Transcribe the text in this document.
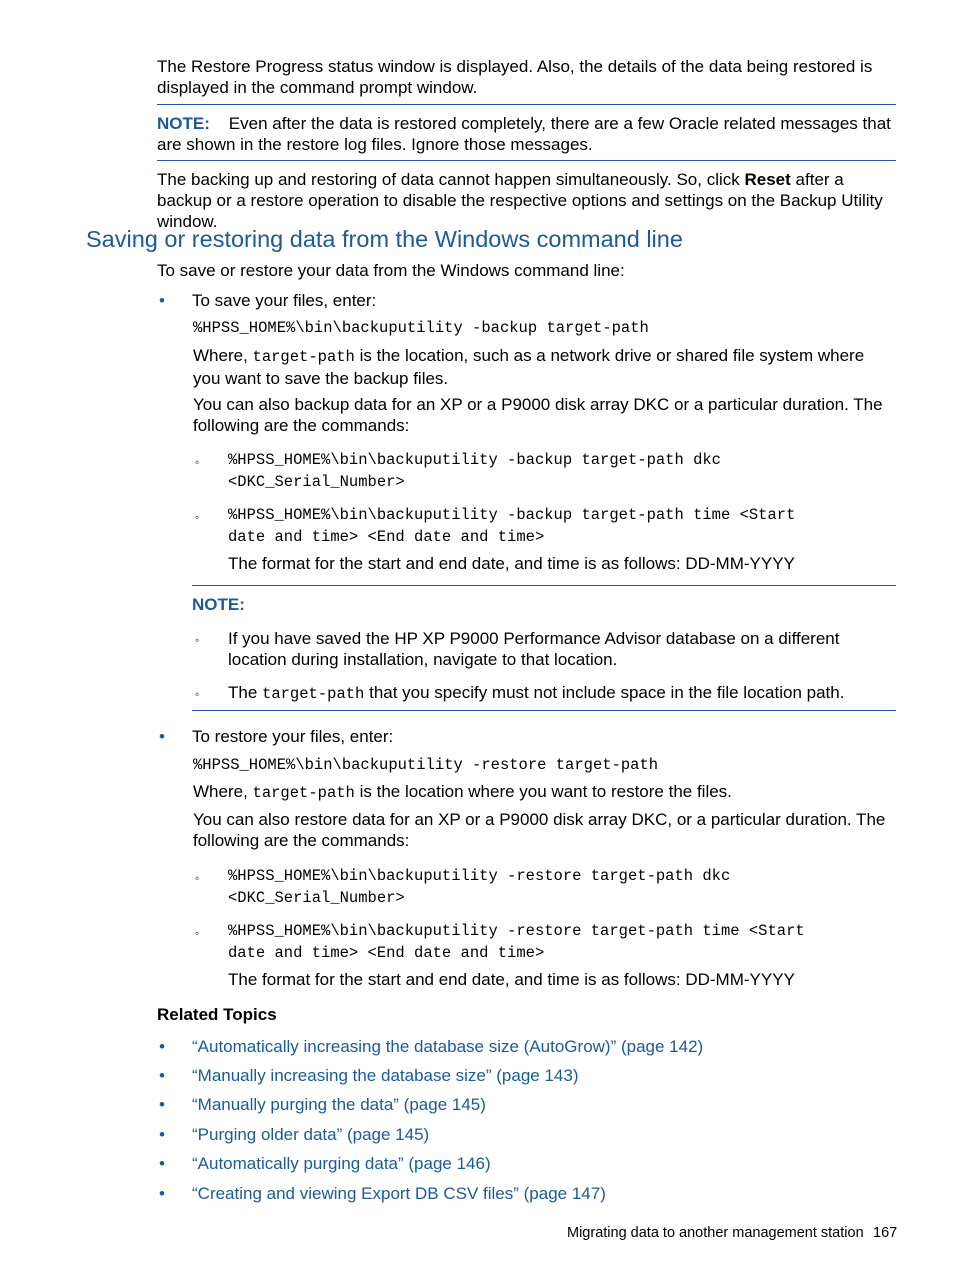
The Restore Progress status window is displayed. Also, the details of the data being restored is displayed in the command prompt window.

NOTE: Even after the data is restored completely, there are a few Oracle related messages that are shown in the restore log files. Ignore those messages.

The backing up and restoring of data cannot happen simultaneously. So, click Reset after a backup or a restore operation to disable the respective options and settings on the Backup Utility window.

Saving or restoring data from the Windows command line

To save or restore your data from the Windows command line:

• To save your files, enter:

%HPSS_HOME%\bin\backuputility -backup target-path

Where, target-path is the location, such as a network drive or shared file system where you want to save the backup files.

You can also backup data for an XP or a P9000 disk array DKC or a particular duration. The following are the commands:

◦ %HPSS_HOME%\bin\backuputility -backup target-path dkc

<DKC_Serial_Number>

◦ %HPSS_HOME%\bin\backuputility -backup target-path time <Start

date and time> <End date and time>

The format for the start and end date, and time is as follows: DD-MM-YYYY

NOTE:

◦ If you have saved the HP XP P9000 Performance Advisor database on a different location during installation, navigate to that location.

◦ The target-path that you specify must not include space in the file location path.

• To restore your files, enter:

%HPSS_HOME%\bin\backuputility -restore target-path

Where, target-path is the location where you want to restore the files.

You can also restore data for an XP or a P9000 disk array DKC, or a particular duration. The following are the commands:

◦ %HPSS_HOME%\bin\backuputility -restore target-path dkc

<DKC_Serial_Number>

◦ %HPSS_HOME%\bin\backuputility -restore target-path time <Start

date and time> <End date and time>

The format for the start and end date, and time is as follows: DD-MM-YYYY

Related Topics

• “Automatically increasing the database size (AutoGrow)” (page 142)
• “Manually increasing the database size” (page 143)
• “Manually purging the data” (page 145)
• “Purging older data” (page 145)
• “Automatically purging data” (page 146)
• “Creating and viewing Export DB CSV files” (page 147)

Migrating data to another management station 167
